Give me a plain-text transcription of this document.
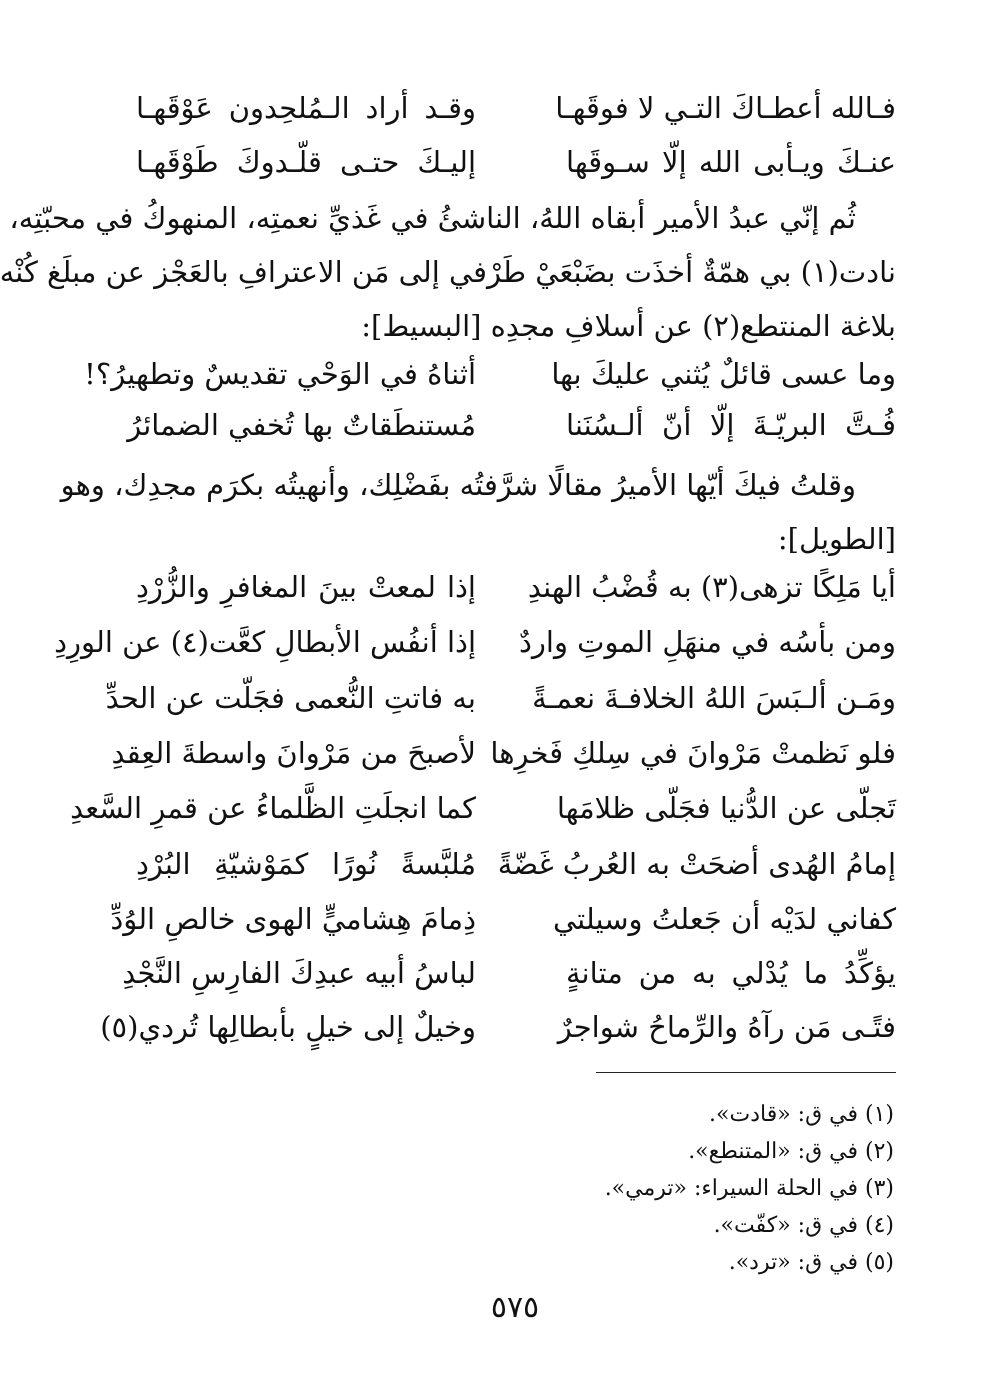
فـالله أعطـاكَ التـي لا فوقَهـا
وقـد أراد الـمُلحِدون عَوْقَهـا
عنـكَ ويـأبى الله إلّا سـوقَها
إليـكَ حتـى قلّـدوكَ طَوْقَهـا
ثُم إنّي عبدُ الأمير أبقاه اللهُ، الناشئُ في غَذيِّ نعمتِه، المنهوكُ في محبّتِه،
نادت(١) بي همّةٌ أخذَت بضَبْعَيْ طَرْفي إلى مَن الاعترافِ بالعَجْز عن مبلَغ كُنْه
بلاغة المنتطع(٢) عن أسلافِ مجدِه [البسيط]:
وما عسى قائلٌ يُثني عليكَ بها
أثناهُ في الوَحْي تقديسٌ وتطهيرُ؟!
فُـتَّ البريّـةَ إلّا أنّ ألـسُنَنا
مُستنطَقاتٌ بها تُخفي الضمائرُ
وقلتُ فيكَ أيّها الأميرُ مقالًا شرَّفتُه بفَضْلِك، وأنهيتُه بكرَم مجدِك، وهو
[الطويل]:
أيا مَلِكًا تزهى(٣) به قُضْبُ الهندِ
إذا لمعتْ بينَ المغافرِ والزُّرْدِ
ومن بأسُه في منهَلِ الموتِ واردٌ
إذا أنفُس الأبطالِ كعَّت(٤) عن الورِدِ
ومَـن ألـبَسَ اللهُ الخلافـةَ نعمـةً
به فاتتِ النُّعمى فجَلّت عن الحدِّ
فلو نَظمتْ مَرْوانَ في سِلكِ فَخرِها
لأصبحَ من مَرْوانَ واسطةَ العِقدِ
تَجلّى عن الدُّنيا فجَلّى ظلامَها
كما انجلَتِ الظَّلماءُ عن قمرِ السَّعدِ
إمامُ الهُدى أضحَتْ به العُربُ غَضّةً
مُلبَّسةً نُورًا كمَوْشيّةِ البُرْدِ
كفاني لدَيْه أن جَعلتُ وسيلتي
ذِمامَ هِشاميٍّ الهوى خالصِ الوُدِّ
يؤكِّدُ ما يُدْلي به من متانةٍ
لباسُ أبيه عبدِكَ الفارِسِ النَّجْدِ
فتًـى مَن رآهُ والرِّماحُ شواجرٌ
وخيلٌ إلى خيلٍ بأبطالِها تُردي(٥)
(١) في ق: «قادت».
(٢) في ق: «المتنطع».
(٣) في الحلة السيراء: «ترمي».
(٤) في ق: «كفّت».
(٥) في ق: «ترد».
٥٧٥
